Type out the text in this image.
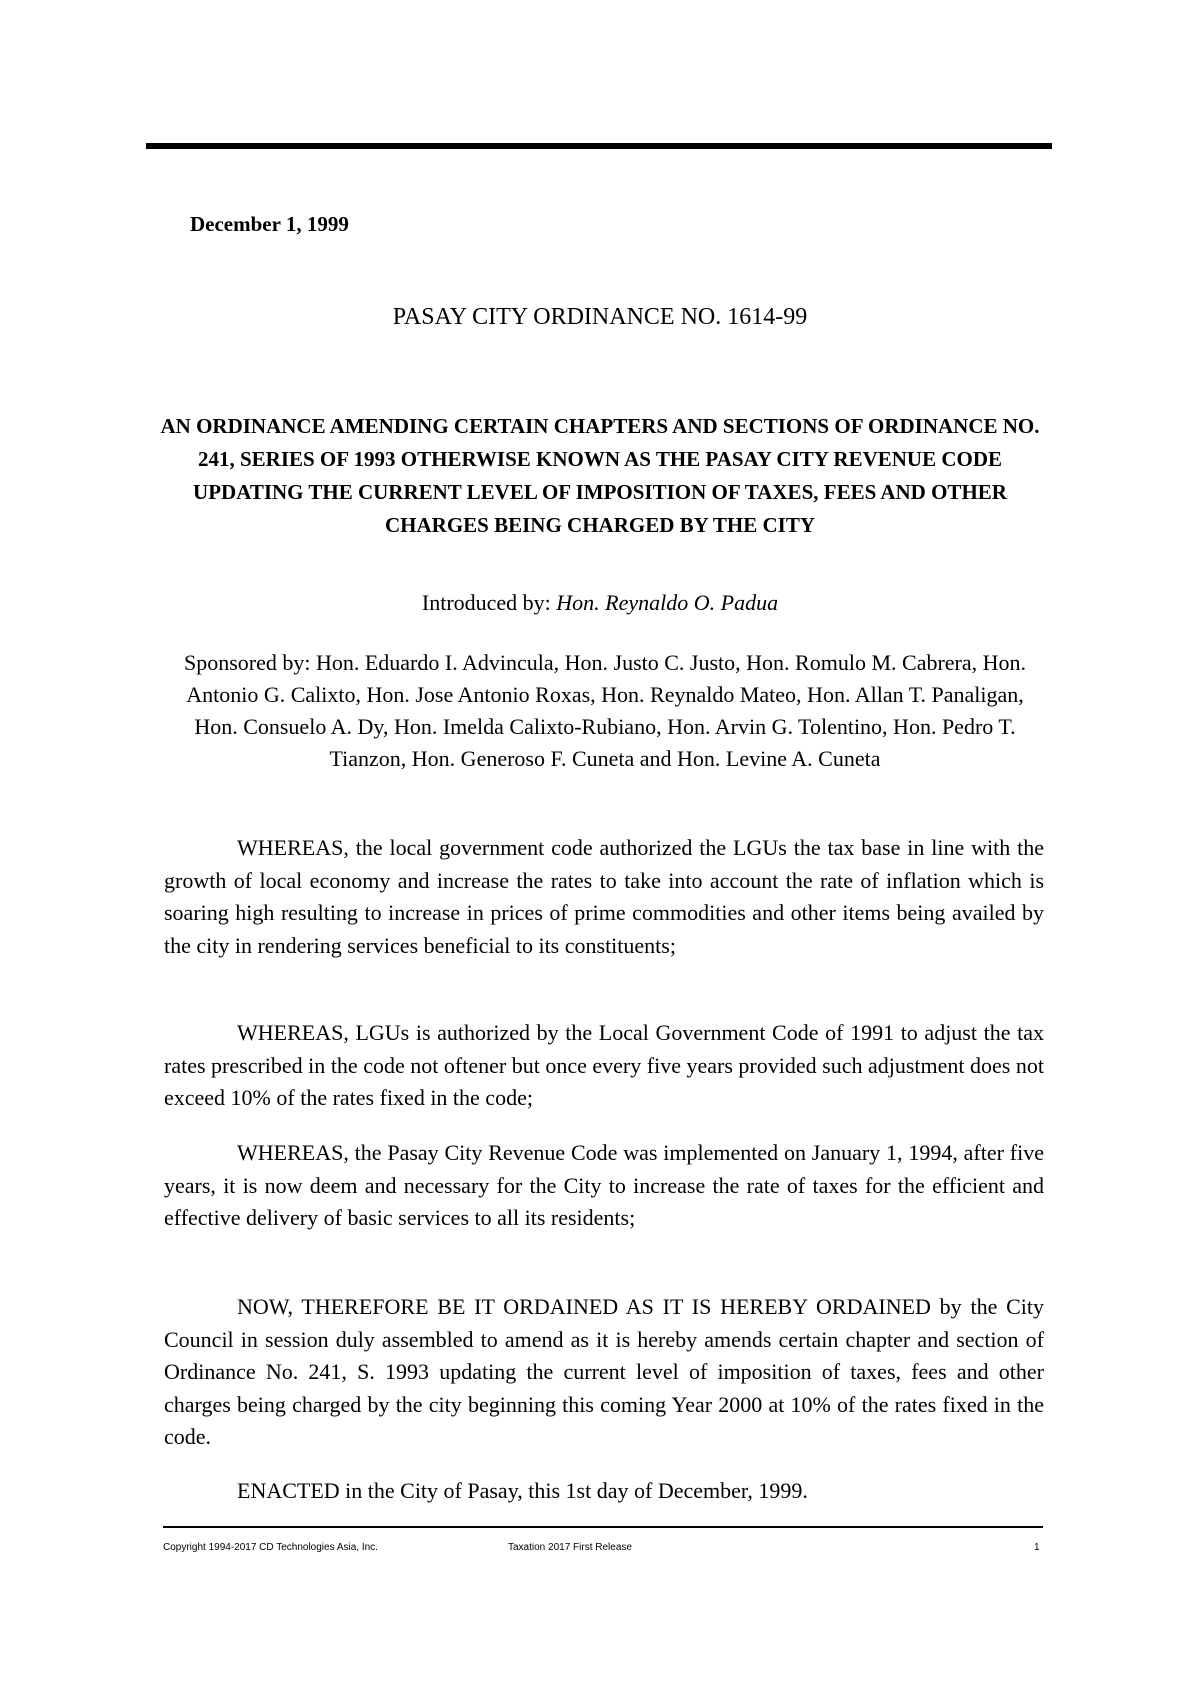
December 1, 1999
PASAY CITY ORDINANCE NO. 1614-99
AN ORDINANCE AMENDING CERTAIN CHAPTERS AND SECTIONS OF ORDINANCE NO. 241, SERIES OF 1993 OTHERWISE KNOWN AS THE PASAY CITY REVENUE CODE UPDATING THE CURRENT LEVEL OF IMPOSITION OF TAXES, FEES AND OTHER CHARGES BEING CHARGED BY THE CITY
Introduced by: Hon. Reynaldo O. Padua
Sponsored by: Hon. Eduardo I. Advincula, Hon. Justo C. Justo, Hon. Romulo M. Cabrera, Hon. Antonio G. Calixto, Hon. Jose Antonio Roxas, Hon. Reynaldo Mateo, Hon. Allan T. Panaligan, Hon. Consuelo A. Dy, Hon. Imelda Calixto-Rubiano, Hon. Arvin G. Tolentino, Hon. Pedro T. Tianzon, Hon. Generoso F. Cuneta and Hon. Levine A. Cuneta
WHEREAS, the local government code authorized the LGUs the tax base in line with the growth of local economy and increase the rates to take into account the rate of inflation which is soaring high resulting to increase in prices of prime commodities and other items being availed by the city in rendering services beneficial to its constituents;
WHEREAS, LGUs is authorized by the Local Government Code of 1991 to adjust the tax rates prescribed in the code not oftener but once every five years provided such adjustment does not exceed 10% of the rates fixed in the code;
WHEREAS, the Pasay City Revenue Code was implemented on January 1, 1994, after five years, it is now deem and necessary for the City to increase the rate of taxes for the efficient and effective delivery of basic services to all its residents;
NOW, THEREFORE BE IT ORDAINED AS IT IS HEREBY ORDAINED by the City Council in session duly assembled to amend as it is hereby amends certain chapter and section of Ordinance No. 241, S. 1993 updating the current level of imposition of taxes, fees and other charges being charged by the city beginning this coming Year 2000 at 10% of the rates fixed in the code.
ENACTED in the City of Pasay, this 1st day of December, 1999.
Copyright 1994-2017 CD Technologies Asia, Inc.	Taxation 2017 First Release	1
